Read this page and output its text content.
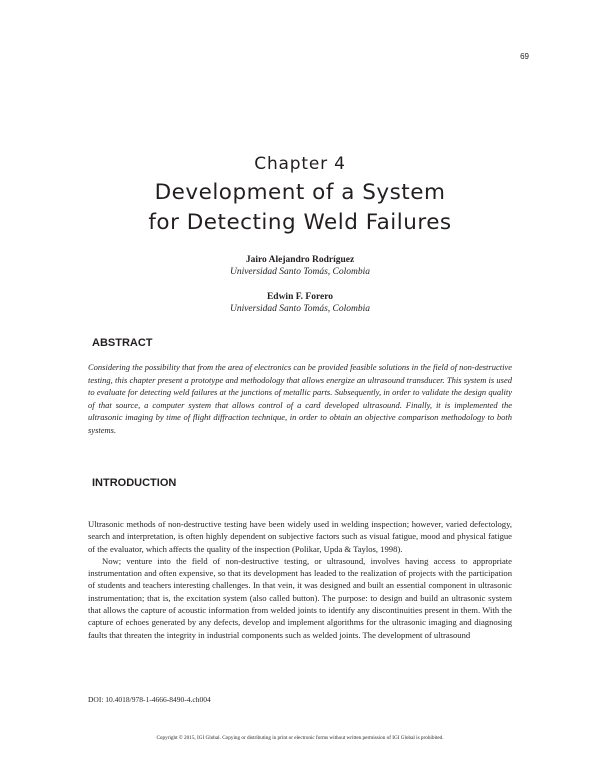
69
Chapter 4
Development of a System
for Detecting Weld Failures
Jairo Alejandro Rodríguez
Universidad Santo Tomás, Colombia
Edwin F. Forero
Universidad Santo Tomás, Colombia
ABSTRACT

Considering the possibility that from the area of electronics can be provided feasible solutions in the field of non-destructive testing, this chapter present a prototype and methodology that allows energize an ultrasound transducer. This system is used to evaluate for detecting weld failures at the junctions of metallic parts. Subsequently, in order to validate the design quality of that source, a computer system that allows control of a card developed ultrasound. Finally, it is implemented the ultrasonic imaging by time of flight diffraction technique, in order to obtain an objective comparison methodology to both systems.

INTRODUCTION

Ultrasonic methods of non-destructive testing have been widely used in welding inspection; however, varied defectology, search and interpretation, is often highly dependent on subjective factors such as visual fatigue, mood and physical fatigue of the evaluator, which affects the quality of the inspection (Polikar, Upda & Taylos, 1998).

Now; venture into the field of non-destructive testing, or ultrasound, involves having access to appropriate instrumentation and often expensive, so that its development has leaded to the realization of projects with the participation of students and teachers interesting challenges. In that vein, it was designed and built an essential component in ultrasonic instrumentation; that is, the excitation system (also called button). The purpose: to design and build an ultrasonic system that allows the capture of acoustic information from welded joints to identify any discontinuities present in them. With the capture of echoes generated by any defects, develop and implement algorithms for the ultrasonic imaging and diagnosing faults that threaten the integrity in industrial components such as welded joints. The development of ultrasound

DOI: 10.4018/978-1-4666-8490-4.ch004
Copyright © 2015, IGI Global. Copying or distributing in print or electronic forms without written permission of IGI Global is prohibited.
